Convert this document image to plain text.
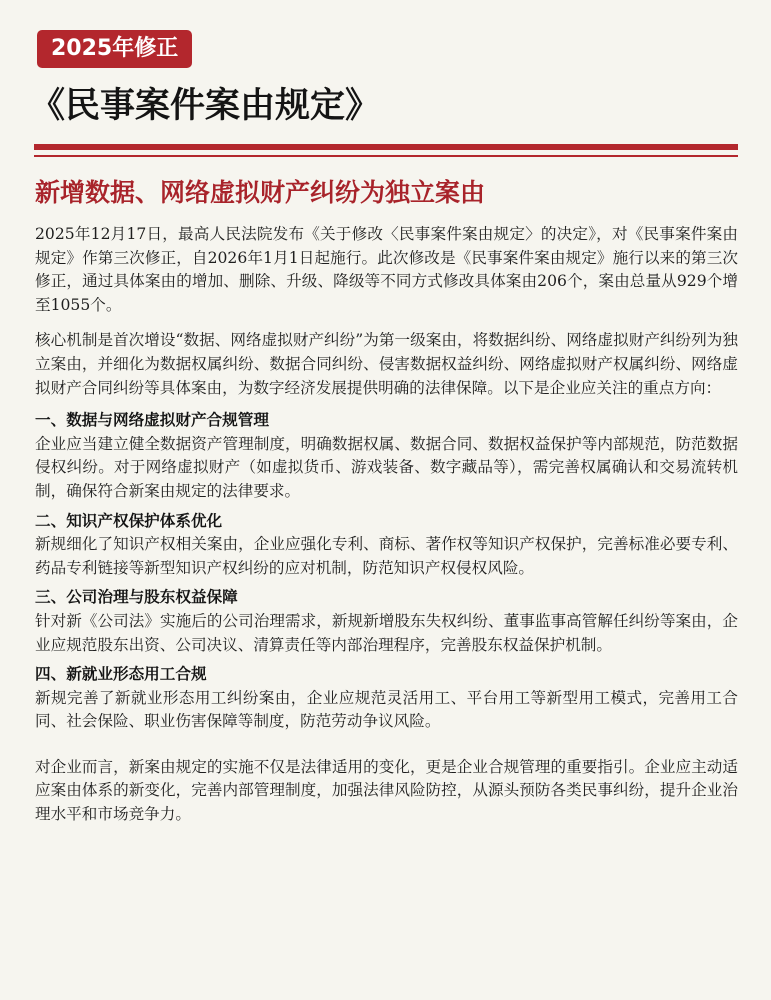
2025年修正
《民事案件案由规定》
新增数据、网络虚拟财产纠纷为独立案由

2025年12月17日，最高人民法院发布《关于修改〈民事案件案由规定〉的决定》，对《民事案件案由规定》作第三次修正，自2026年1月1日起施行。此次修改是《民事案件案由规定》施行以来的第三次修正，通过具体案由的增加、删除、升级、降级等不同方式修改具体案由206个，案由总量从929个增至1055个。

核心机制是首次增设“数据、网络虚拟财产纠纷”为第一级案由，将数据纠纷、网络虚拟财产纠纷列为独立案由，并细化为数据权属纠纷、数据合同纠纷、侵害数据权益纠纷、网络虚拟财产权属纠纷、网络虚拟财产合同纠纷等具体案由，为数字经济发展提供明确的法律保障。以下是企业应关注的重点方向：

一、数据与网络虚拟财产合规管理

企业应当建立健全数据资产管理制度，明确数据权属、数据合同、数据权益保护等内部规范，防范数据侵权纠纷。对于网络虚拟财产（如虚拟货币、游戏装备、数字藏品等），需完善权属确认和交易流转机制，确保符合新案由规定的法律要求。

二、知识产权保护体系优化

新规细化了知识产权相关案由，企业应强化专利、商标、著作权等知识产权保护，完善标准必要专利、药品专利链接等新型知识产权纠纷的应对机制，防范知识产权侵权风险。

三、公司治理与股东权益保障

针对新《公司法》实施后的公司治理需求，新规新增股东失权纠纷、董事监事高管解任纠纷等案由，企业应规范股东出资、公司决议、清算责任等内部治理程序，完善股东权益保护机制。

四、新就业形态用工合规

新规完善了新就业形态用工纠纷案由，企业应规范灵活用工、平台用工等新型用工模式，完善用工合同、社会保险、职业伤害保障等制度，防范劳动争议风险。

对企业而言，新案由规定的实施不仅是法律适用的变化，更是企业合规管理的重要指引。企业应主动适应案由体系的新变化，完善内部管理制度，加强法律风险防控，从源头预防各类民事纠纷，提升企业治理水平和市场竞争力。
